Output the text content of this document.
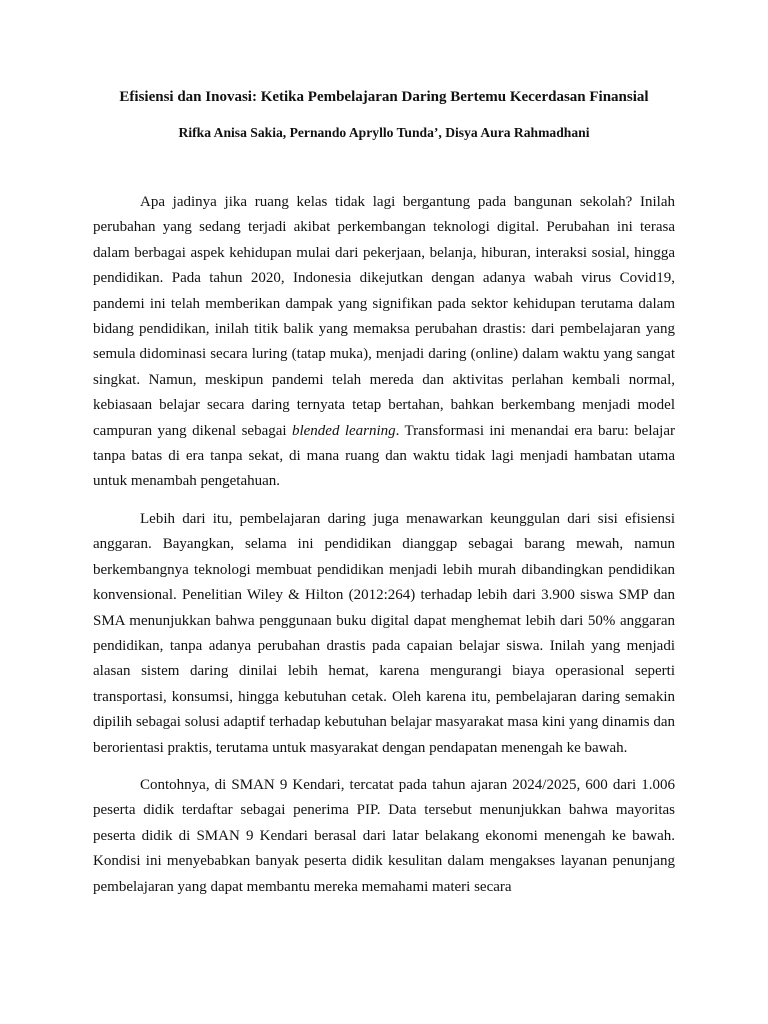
Efisiensi dan Inovasi: Ketika Pembelajaran Daring Bertemu Kecerdasan Finansial

Rifka Anisa Sakia, Pernando Apryllo Tunda’, Disya Aura Rahmadhani

Apa jadinya jika ruang kelas tidak lagi bergantung pada bangunan sekolah? Inilah perubahan yang sedang terjadi akibat perkembangan teknologi digital. Perubahan ini terasa dalam berbagai aspek kehidupan mulai dari pekerjaan, belanja, hiburan, interaksi sosial, hingga pendidikan. Pada tahun 2020, Indonesia dikejutkan dengan adanya wabah virus Covid19, pandemi ini telah memberikan dampak yang signifikan pada sektor kehidupan terutama dalam bidang pendidikan, inilah titik balik yang memaksa perubahan drastis: dari pembelajaran yang semula didominasi secara luring (tatap muka), menjadi daring (online) dalam waktu yang sangat singkat. Namun, meskipun pandemi telah mereda dan aktivitas perlahan kembali normal, kebiasaan belajar secara daring ternyata tetap bertahan, bahkan berkembang menjadi model campuran yang dikenal sebagai blended learning. Transformasi ini menandai era baru: belajar tanpa batas di era tanpa sekat, di mana ruang dan waktu tidak lagi menjadi hambatan utama untuk menambah pengetahuan.

Lebih dari itu, pembelajaran daring juga menawarkan keunggulan dari sisi efisiensi anggaran. Bayangkan, selama ini pendidikan dianggap sebagai barang mewah, namun berkembangnya teknologi membuat pendidikan menjadi lebih murah dibandingkan pendidikan konvensional. Penelitian Wiley & Hilton (2012:264) terhadap lebih dari 3.900 siswa SMP dan SMA menunjukkan bahwa penggunaan buku digital dapat menghemat lebih dari 50% anggaran pendidikan, tanpa adanya perubahan drastis pada capaian belajar siswa. Inilah yang menjadi alasan sistem daring dinilai lebih hemat, karena mengurangi biaya operasional seperti transportasi, konsumsi, hingga kebutuhan cetak. Oleh karena itu, pembelajaran daring semakin dipilih sebagai solusi adaptif terhadap kebutuhan belajar masyarakat masa kini yang dinamis dan berorientasi praktis, terutama untuk masyarakat dengan pendapatan menengah ke bawah.

Contohnya, di SMAN 9 Kendari, tercatat pada tahun ajaran 2024/2025, 600 dari 1.006 peserta didik terdaftar sebagai penerima PIP. Data tersebut menunjukkan bahwa mayoritas peserta didik di SMAN 9 Kendari berasal dari latar belakang ekonomi menengah ke bawah. Kondisi ini menyebabkan banyak peserta didik kesulitan dalam mengakses layanan penunjang pembelajaran yang dapat membantu mereka memahami materi secara
